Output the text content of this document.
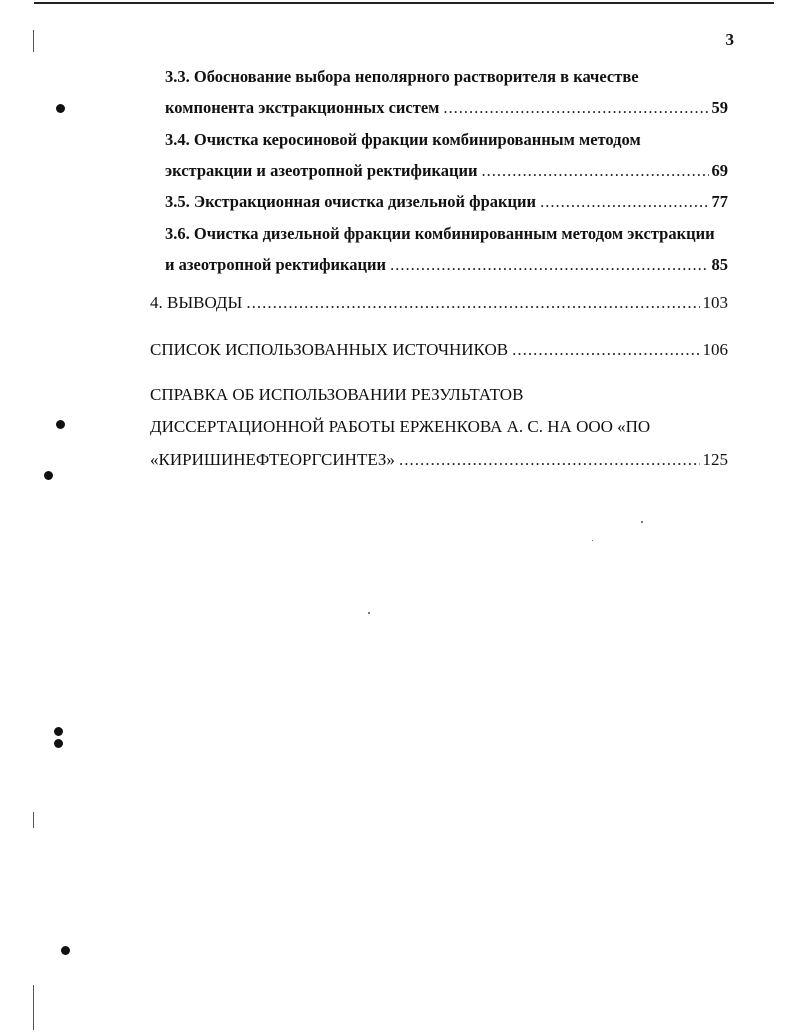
3
3.3. Обоснование выбора неполярного растворителя в качестве
компонента экстракционных систем .....	59
3.4. Очистка керосиновой фракции комбинированным методом
экстракции и азеотропной ректификации .....	69
3.5. Экстракционная очистка дизельной фракции .....	77
3.6. Очистка дизельной фракции комбинированным методом экстракции
и азеотропной ректификации .....	85
4. ВЫВОДЫ .....	103
СПИСОК ИСПОЛЬЗОВАННЫХ ИСТОЧНИКОВ .....	106
СПРАВКА ОБ ИСПОЛЬЗОВАНИИ РЕЗУЛЬТАТОВ
ДИССЕРТАЦИОННОЙ РАБОТЫ ЕРЖЕНКОВА А. С. НА ООО «ПО
«КИРИШИНЕФТЕОРГСИНТЕЗ» .....	125
